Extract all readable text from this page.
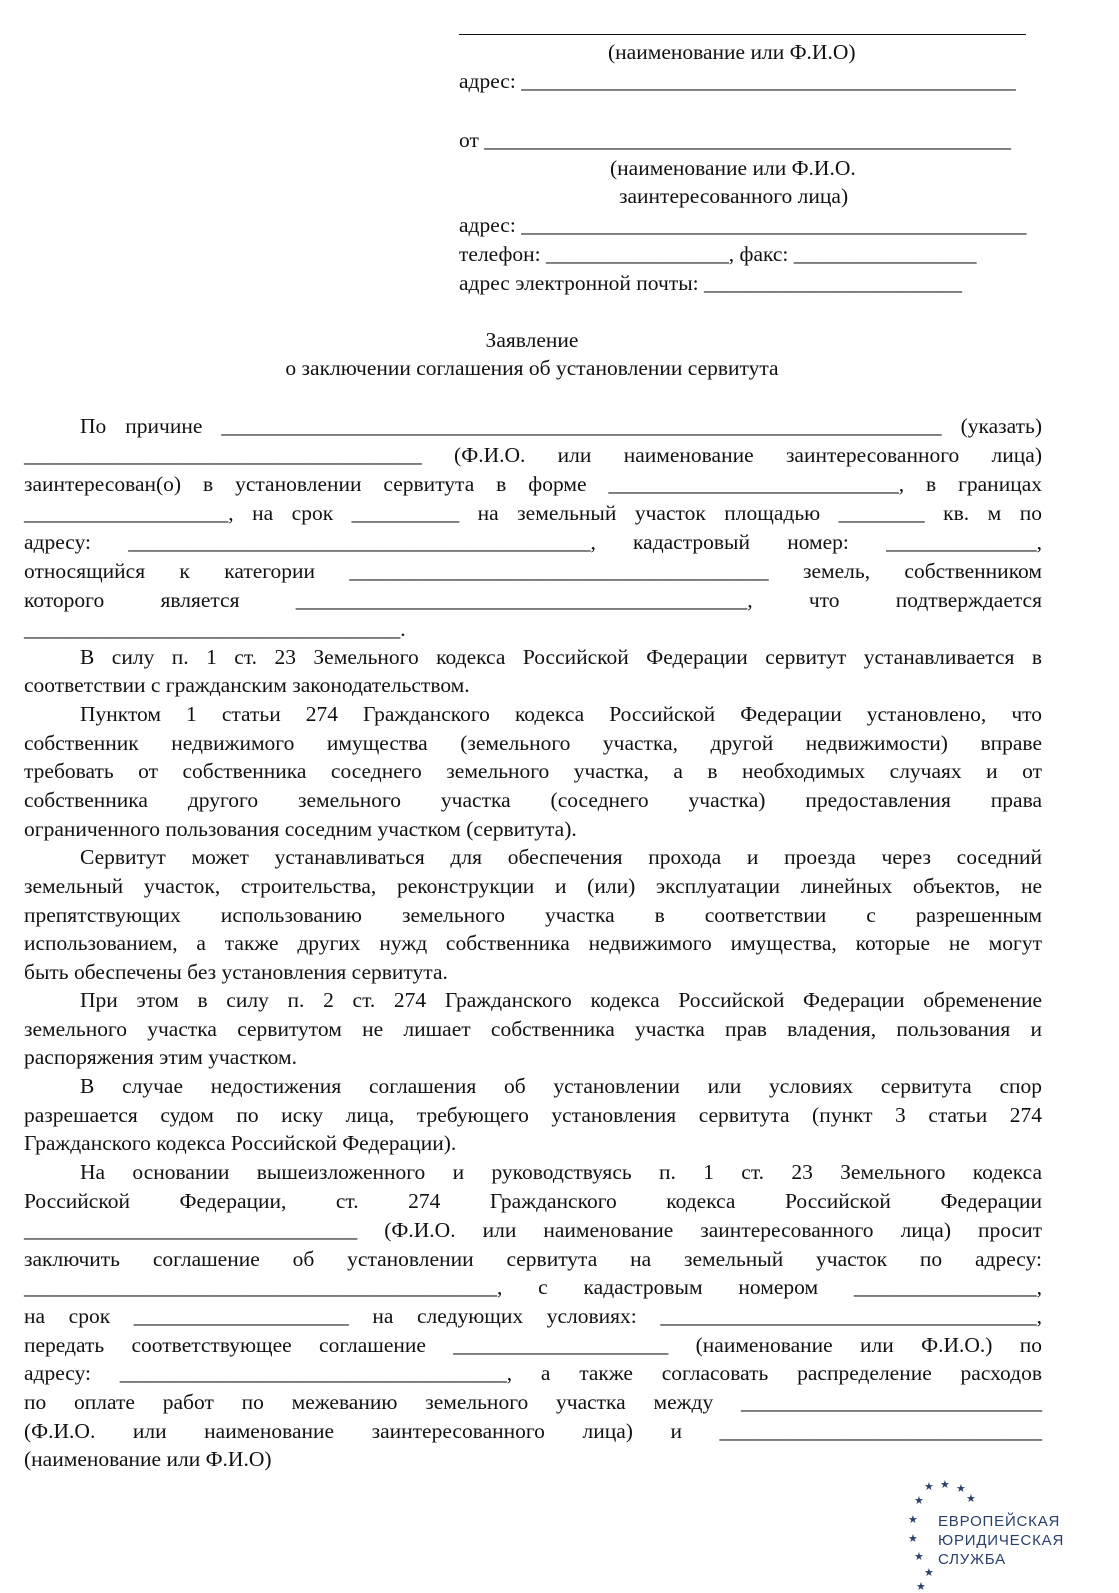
(наименование или Ф.И.О)
адрес: ______________________________________________
от _________________________________________________
(наименование или Ф.И.О.
заинтересованного лица)
адрес: _______________________________________________
телефон: _________________, факс: _________________
адрес электронной почты: ________________________
Заявление
о заключении соглашения об установлении сервитута
По причине ___________________________________________________________________ (указать)
_____________________________________ (Ф.И.О. или наименование заинтересованного лица)
заинтересован(о) в установлении сервитута в форме ___________________________, в границах
___________________, на срок __________ на земельный участок площадью ________ кв. м по
адресу: ___________________________________________, кадастровый номер: ______________,
относящийся к категории _______________________________________ земель, собственником
которого является __________________________________________, что подтверждается
___________________________________.
В силу п. 1 ст. 23 Земельного кодекса Российской Федерации сервитут устанавливается в
соответствии с гражданским законодательством.
Пунктом 1 статьи 274 Гражданского кодекса Российской Федерации установлено, что
собственник недвижимого имущества (земельного участка, другой недвижимости) вправе
требовать от собственника соседнего земельного участка, а в необходимых случаях и от
собственника другого земельного участка (соседнего участка) предоставления права
ограниченного пользования соседним участком (сервитута).
Сервитут может устанавливаться для обеспечения прохода и проезда через соседний
земельный участок, строительства, реконструкции и (или) эксплуатации линейных объектов, не
препятствующих использованию земельного участка в соответствии с разрешенным
использованием, а также других нужд собственника недвижимого имущества, которые не могут
быть обеспечены без установления сервитута.
При этом в силу п. 2 ст. 274 Гражданского кодекса Российской Федерации обременение
земельного участка сервитутом не лишает собственника участка прав владения, пользования и
распоряжения этим участком.
В случае недостижения соглашения об установлении или условиях сервитута спор
разрешается судом по иску лица, требующего установления сервитута (пункт 3 статьи 274
Гражданского кодекса Российской Федерации).
На основании вышеизложенного и руководствуясь п. 1 ст. 23 Земельного кодекса
Российской Федерации, ст. 274 Гражданского кодекса Российской Федерации
_______________________________ (Ф.И.О. или наименование заинтересованного лица) просит
заключить соглашение об установлении сервитута на земельный участок по адресу:
____________________________________________, с кадастровым номером _________________,
на срок ____________________ на следующих условиях: ___________________________________,
передать соответствующее соглашение ____________________ (наименование или Ф.И.О.) по
адресу: ____________________________________, а также согласовать распределение расходов
по оплате работ по межеванию земельного участка между ____________________________
(Ф.И.О. или наименование заинтересованного лица) и ______________________________
(наименование или Ф.И.О)
★ ★ ★
★
★
★
★
★
★
★
ЕВРОПЕЙСКАЯ
ЮРИДИЧЕСКАЯ
СЛУЖБА
